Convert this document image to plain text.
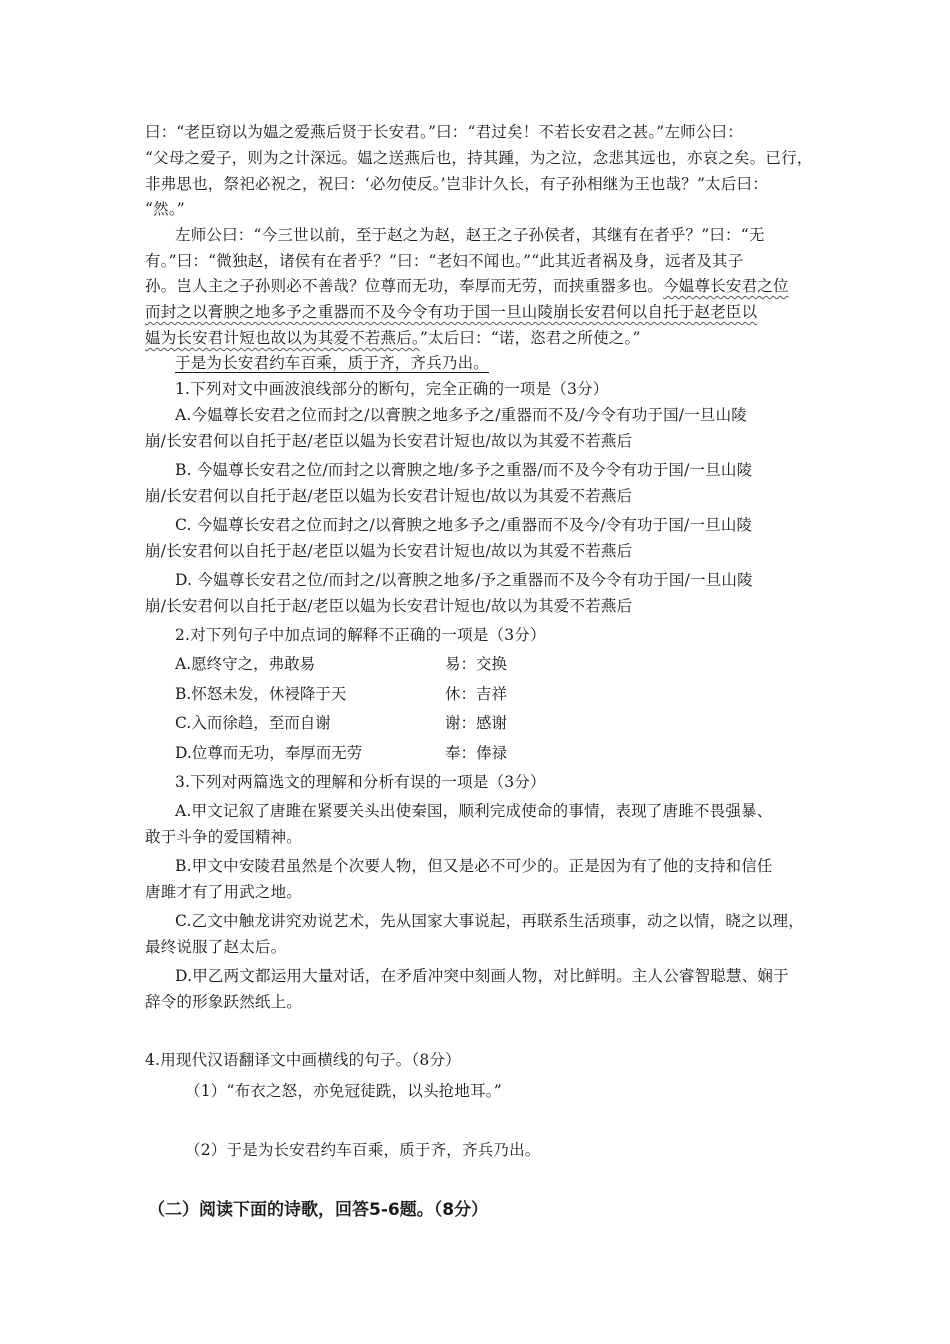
曰：“老臣窃以为媪之爱燕后贤于长安君。”曰：“君过矣！不若长安君之甚。”左师公曰：
“父母之爱子，则为之计深远。媪之送燕后也，持其踵，为之泣，念悲其远也，亦哀之矣。已行，
非弗思也，祭祀必祝之，祝曰：‘必勿使反。’岂非计久长，有子孙相继为王也哉？”太后曰：
“然。”
左师公曰：“今三世以前，至于赵之为赵，赵王之子孙侯者，其继有在者乎？”曰：“无
有。”曰：“微独赵，诸侯有在者乎？”曰：“老妇不闻也。”“此其近者祸及身，远者及其子
孙。岂人主之子孙则必不善哉？位尊而无功，奉厚而无劳，而挟重器多也。今媪尊长安君之位
而封之以膏腴之地多予之重器而不及今令有功于国一旦山陵崩长安君何以自托于赵老臣以
媪为长安君计短也故以为其爱不若燕后。”太后曰：“诺，恣君之所使之。”
于是为长安君约车百乘，质于齐，齐兵乃出。
1.下列对文中画波浪线部分的断句，完全正确的一项是（3分）
A.今媪尊长安君之位而封之/以膏腴之地多予之/重器而不及/今令有功于国/一旦山陵
崩/长安君何以自托于赵/老臣以媪为长安君计短也/故以为其爱不若燕后
B. 今媪尊长安君之位/而封之以膏腴之地/多予之重器/而不及今令有功于国/一旦山陵
崩/长安君何以自托于赵/老臣以媪为长安君计短也/故以为其爱不若燕后
C. 今媪尊长安君之位而封之/以膏腴之地多予之/重器而不及今/令有功于国/一旦山陵
崩/长安君何以自托于赵/老臣以媪为长安君计短也/故以为其爱不若燕后
D. 今媪尊长安君之位/而封之/以膏腴之地多/予之重器而不及今令有功于国/一旦山陵
崩/长安君何以自托于赵/老臣以媪为长安君计短也/故以为其爱不若燕后
2.对下列句子中加点词的解释不正确的一项是（3分）
A.愿终守之，弗敢易	易：交换
B.怀怒未发，休祲降于天	休：吉祥
C.入而徐趋，至而自谢	谢：感谢
D.位尊而无功，奉厚而无劳	奉：俸禄
3.下列对两篇选文的理解和分析有误的一项是（3分）
A.甲文记叙了唐雎在紧要关头出使秦国，顺利完成使命的事情，表现了唐雎不畏强暴、
敢于斗争的爱国精神。
B.甲文中安陵君虽然是个次要人物，但又是必不可少的。正是因为有了他的支持和信任
唐雎才有了用武之地。
C.乙文中触龙讲究劝说艺术，先从国家大事说起，再联系生活琐事，动之以情，晓之以理，
最终说服了赵太后。
D.甲乙两文都运用大量对话，在矛盾冲突中刻画人物，对比鲜明。主人公睿智聪慧、娴于
辞令的形象跃然纸上。
4.用现代汉语翻译文中画横线的句子。（8分）
（1）“布衣之怒，亦免冠徒跣，以头抢地耳。”
（2）于是为长安君约车百乘，质于齐，齐兵乃出。
（二）阅读下面的诗歌，回答5-6题。（8分）
